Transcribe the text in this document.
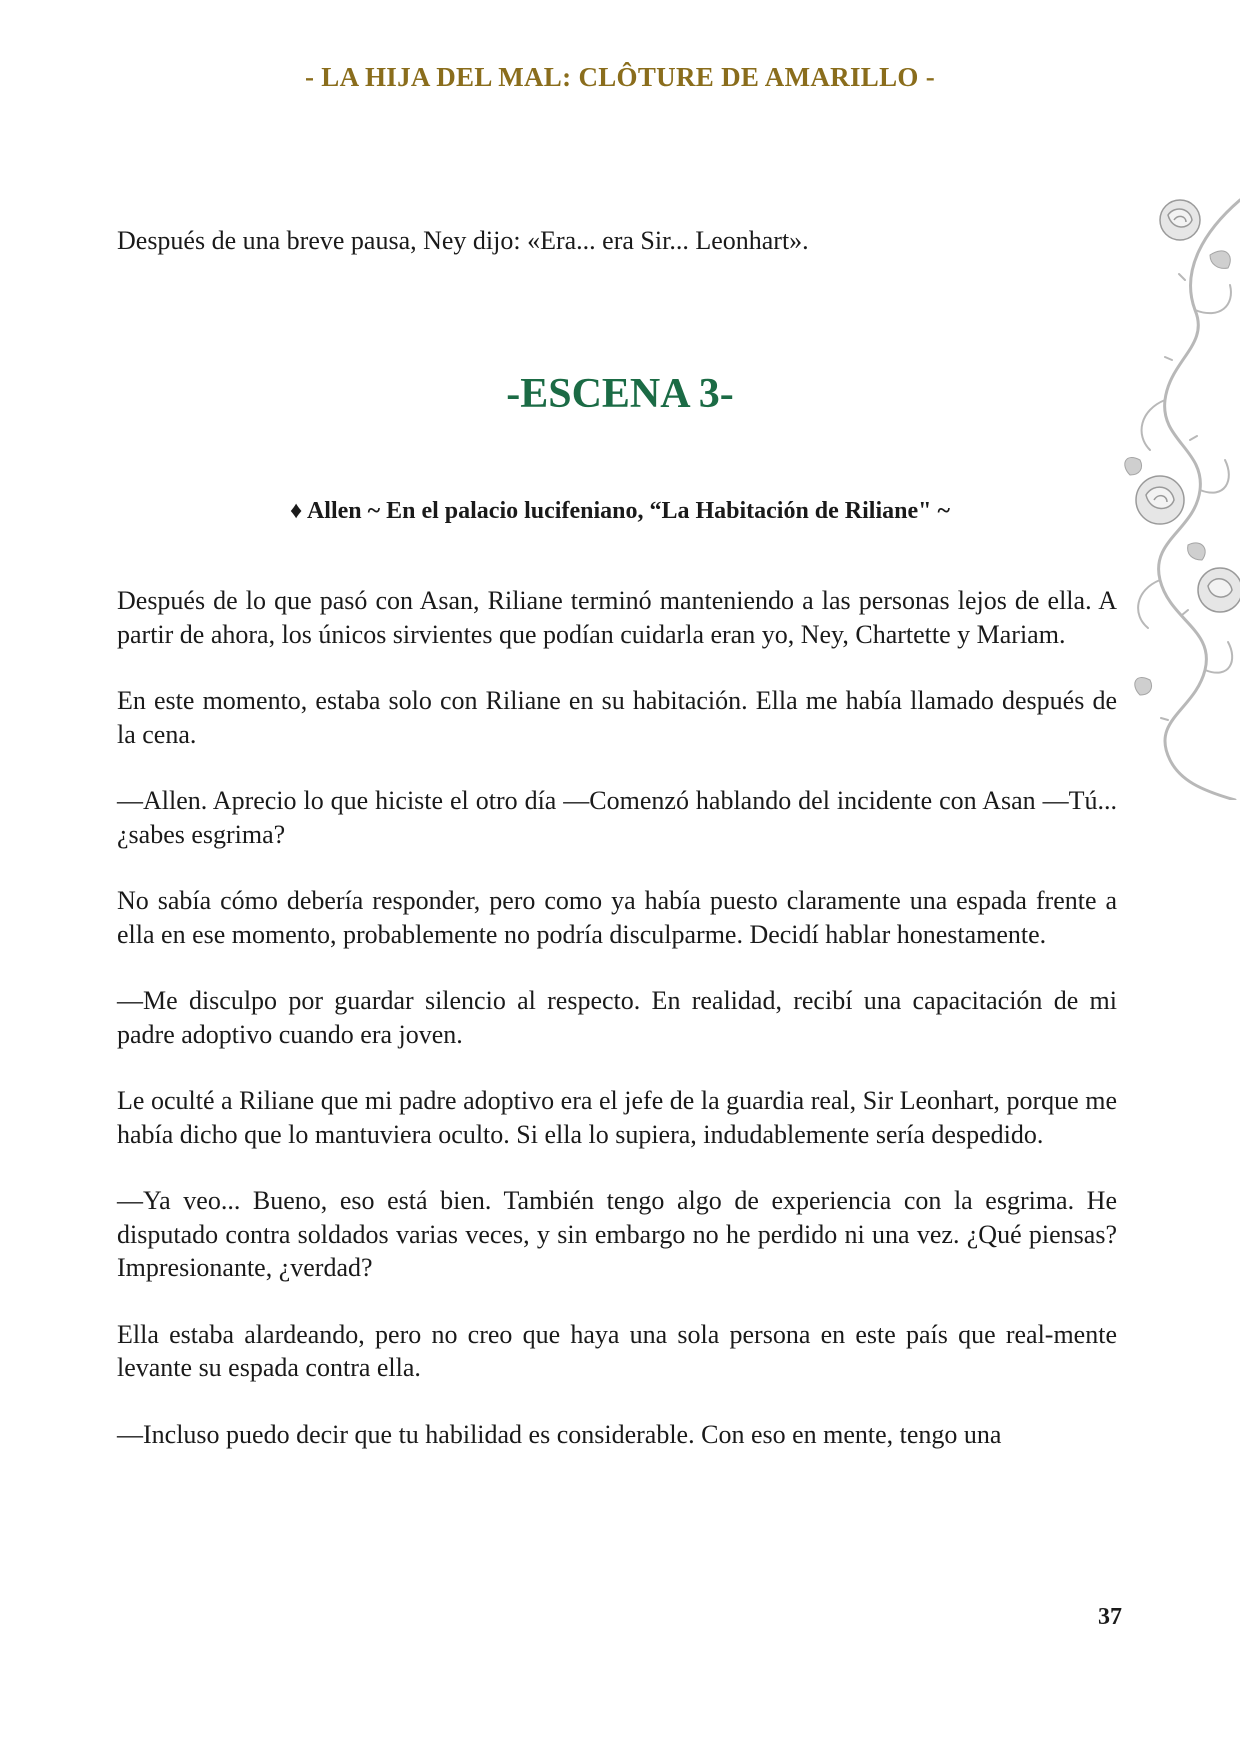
- LA HIJA DEL MAL: CLÔTURE DE AMARILLO -
Después de una breve pausa, Ney dijo: «Era... era Sir... Leonhart».
-ESCENA 3-
♦ Allen ~ En el palacio lucifeniano, “La Habitación de Riliane" ~

Después de lo que pasó con Asan, Riliane terminó manteniendo a las personas lejos de ella. A partir de ahora, los únicos sirvientes que podían cuidarla eran yo, Ney, Chartette y Mariam.

En este momento, estaba solo con Riliane en su habitación. Ella me había llamado después de la cena.

—Allen. Aprecio lo que hiciste el otro día —Comenzó hablando del incidente con Asan —Tú... ¿sabes esgrima?

No sabía cómo debería responder, pero como ya había puesto claramente una espada frente a ella en ese momento, probablemente no podría disculparme. Decidí hablar honestamente.

—Me disculpo por guardar silencio al respecto. En realidad, recibí una capacitación de mi padre adoptivo cuando era joven.

Le oculté a Riliane que mi padre adoptivo era el jefe de la guardia real, Sir Leonhart, porque me había dicho que lo mantuviera oculto. Si ella lo supiera, indudablemente sería despedido.

—Ya veo... Bueno, eso está bien. También tengo algo de experiencia con la esgrima. He disputado contra soldados varias veces, y sin embargo no he perdido ni una vez. ¿Qué piensas? Impresionante, ¿verdad?

Ella estaba alardeando, pero no creo que haya una sola persona en este país que real-mente levante su espada contra ella.

—Incluso puedo decir que tu habilidad es considerable. Con eso en mente, tengo una

37
